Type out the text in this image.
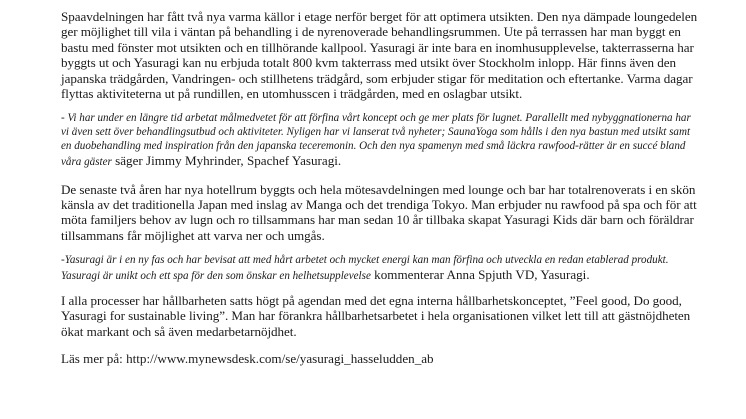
Spaavdelningen har fått två nya varma källor i etage nerför berget för att optimera utsikten. Den nya dämpade loungedelen ger möjlighet till vila i väntan på behandling i de nyrenoverade behandlingsrummen. Ute på terrassen har man byggt en bastu med fönster mot utsikten och en tillhörande kallpool. Yasuragi är inte bara en inomhusupplevelse, takterrasserna har byggts ut och Yasuragi kan nu erbjuda totalt 800 kvm takterrass med utsikt över Stockholm inlopp. Här finns även den japanska trädgården, Vandringen- och stillhetens trädgård, som erbjuder stigar för meditation och eftertanke. Varma dagar flyttas aktiviteterna ut på rundillen, en utomhusscen i trädgården, med en oslagbar utsikt.

- Vi har under en längre tid arbetat målmedvetet för att förfina vårt koncept och ge mer plats för lugnet. Parallellt med nybyggnationerna har vi även sett över behandlingsutbud och aktiviteter. Nyligen har vi lanserat två nyheter; SaunaYoga som hålls i den nya bastun med utsikt samt en duobehandling med inspiration från den japanska teceremonin. Och den nya spamenyn med små läckra rawfood-rätter är en succé bland våra gäster säger Jimmy Myhrinder, Spachef Yasuragi.

De senaste två åren har nya hotellrum byggts och hela mötesavdelningen med lounge och bar har totalrenoverats i en skön känsla av det traditionella Japan med inslag av Manga och det trendiga Tokyo. Man erbjuder nu rawfood på spa och för att möta familjers behov av lugn och ro tillsammans har man sedan 10 år tillbaka skapat Yasuragi Kids där barn och föräldrar tillsammans får möjlighet att varva ner och umgås.

-Yasuragi är i en ny fas och har bevisat att med hårt arbetet och mycket energi kan man förfina och utveckla en redan etablerad produkt. Yasuragi är unikt och ett spa för den som önskar en helhetsupplevelse kommenterar Anna Spjuth VD, Yasuragi.

I alla processer har hållbarheten satts högt på agendan med det egna interna hållbarhetskonceptet, ”Feel good, Do good, Yasuragi for sustainable living”. Man har förankra hållbarhetsarbetet i hela organisationen vilket lett till att gästnöjdheten ökat markant och så även medarbetarnöjdhet.

Läs mer på: http://www.mynewsdesk.com/se/yasuragi_hasseludden_ab
